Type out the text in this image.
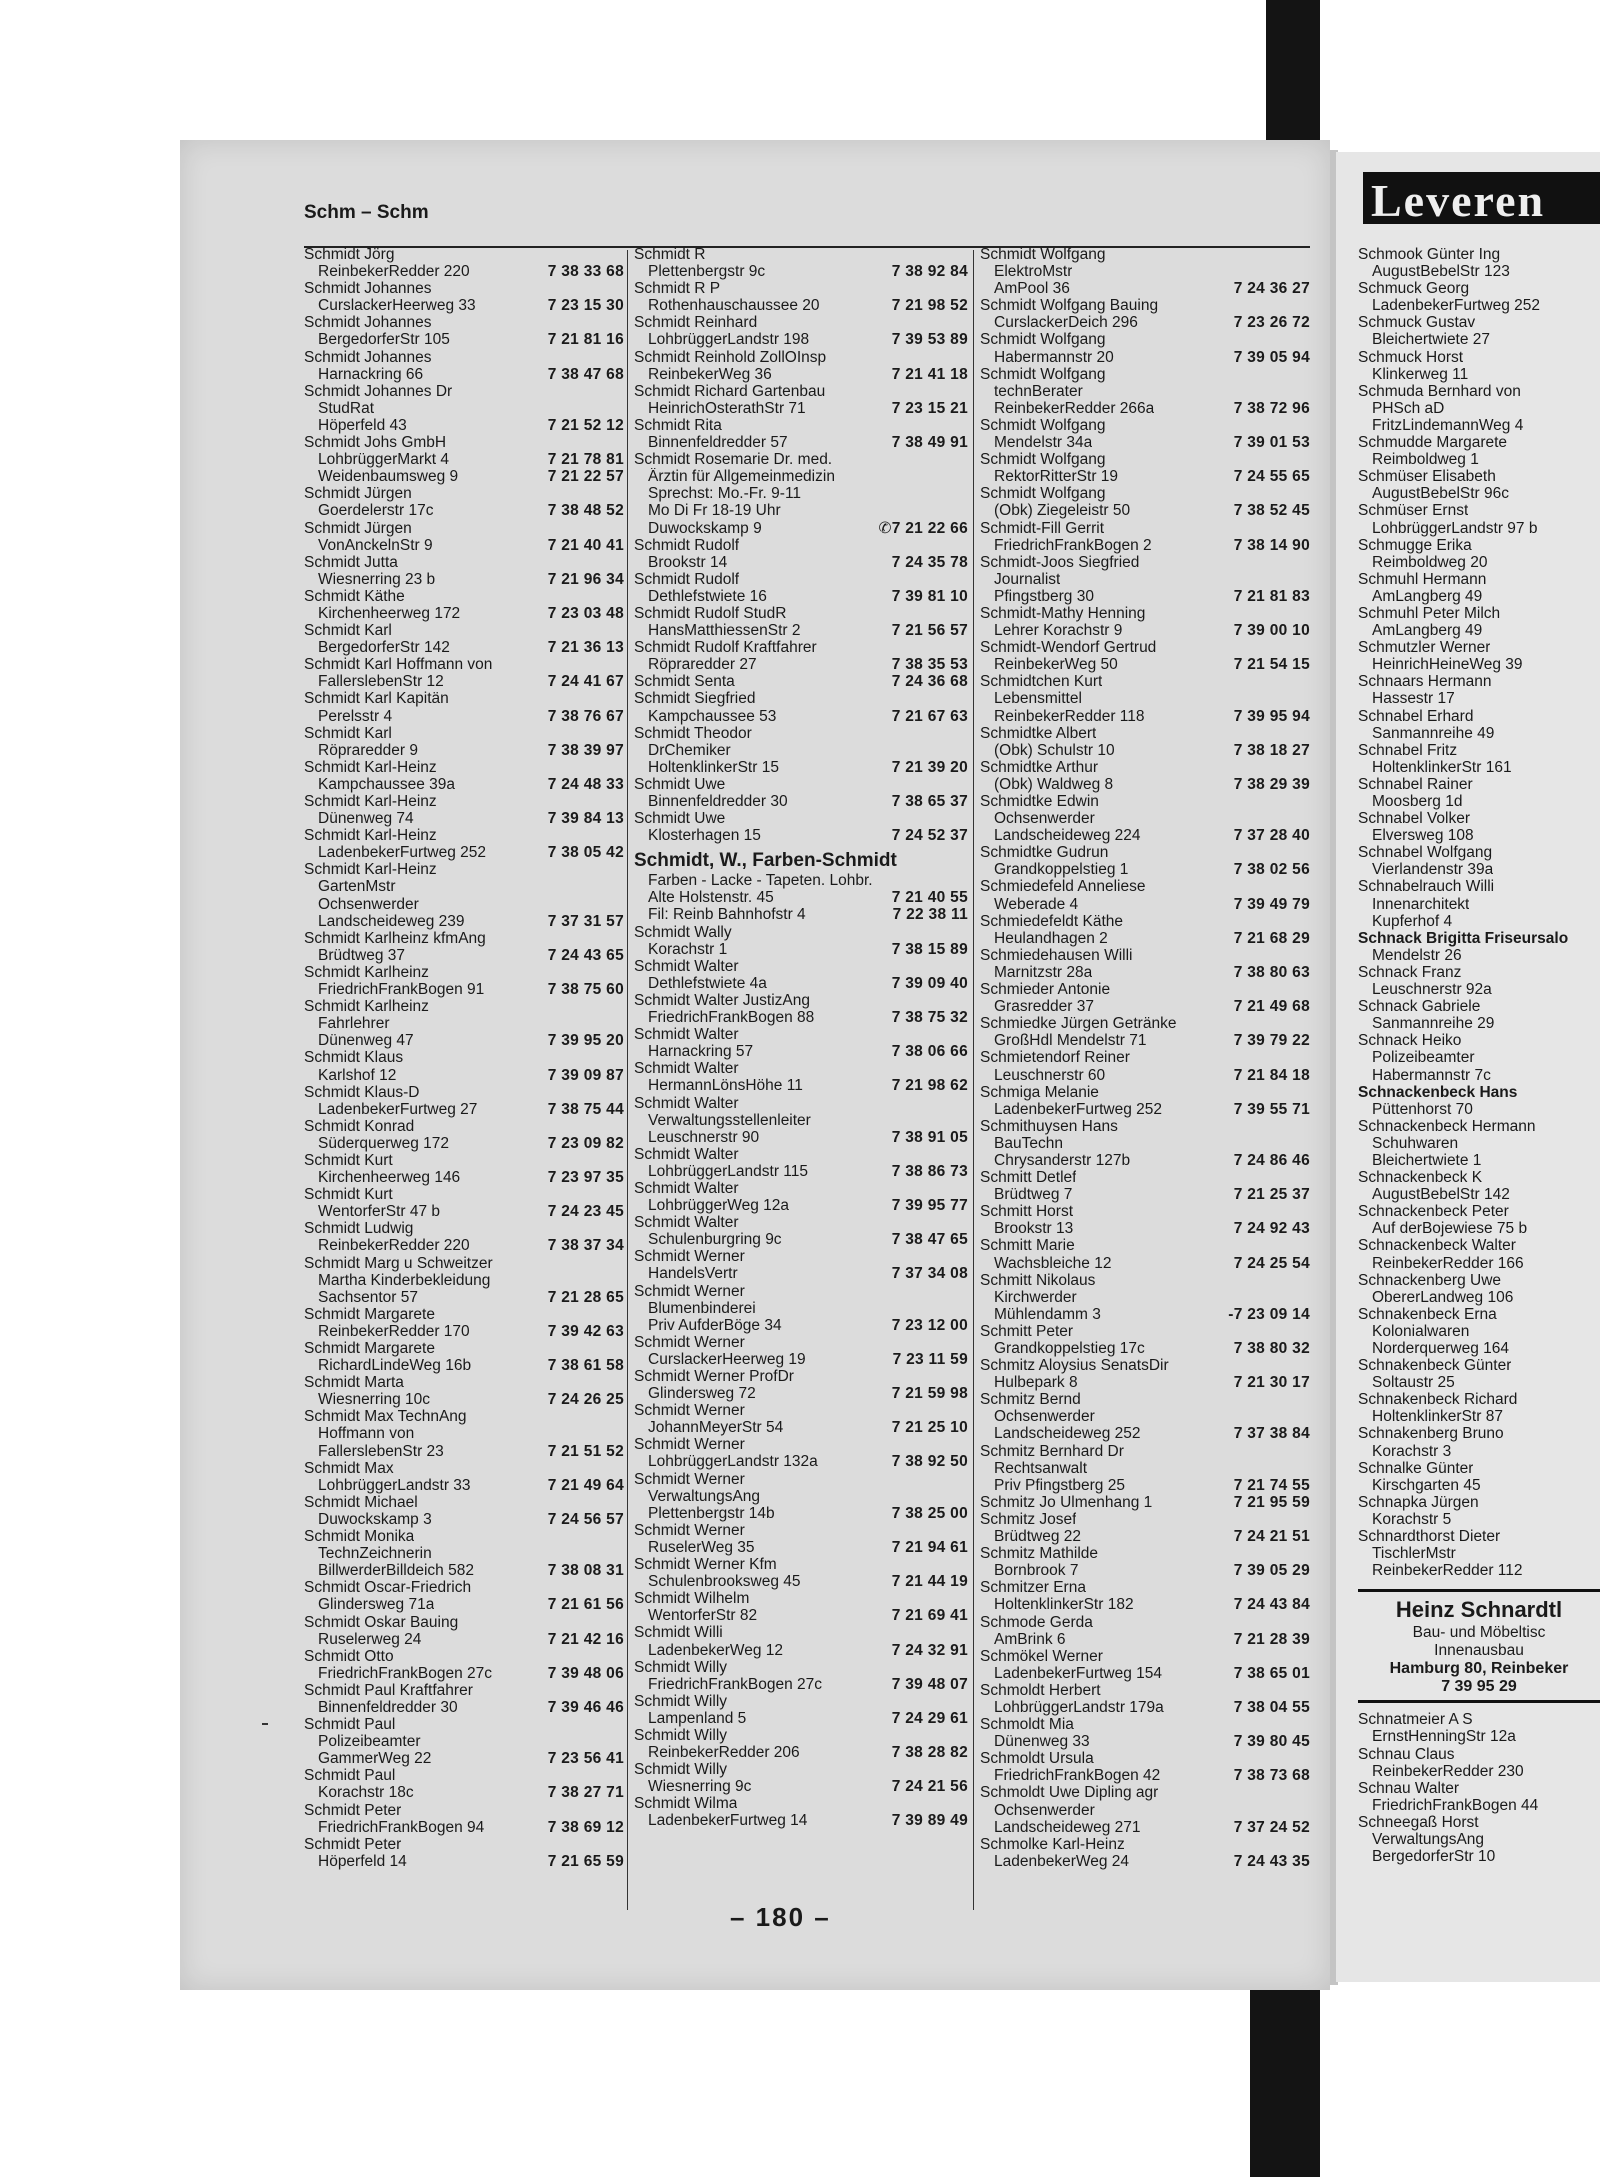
Schm – Schm	Leveren
Schmidt Jörg
ReinbekerRedder 220	7 38 33 68
Schmidt Johannes
CurslackerHeerweg 33	7 23 15 30
Schmidt Johannes
BergedorferStr 105	7 21 81 16
Schmidt Johannes
Harnackring 66	7 38 47 68
Schmidt Johannes Dr
StudRat
Höperfeld 43	7 21 52 12
Schmidt Johs GmbH
LohbrüggerMarkt 4	7 21 78 81
Weidenbaumsweg 9	7 21 22 57
Schmidt Jürgen
Goerdelerstr 17c	7 38 48 52
Schmidt Jürgen
VonAnckelnStr 9	7 21 40 41
Schmidt Jutta
Wiesnerring 23 b	7 21 96 34
Schmidt Käthe
Kirchenheerweg 172	7 23 03 48
Schmidt Karl
BergedorferStr 142	7 21 36 13
Schmidt Karl Hoffmann von
FallerslebenStr 12	7 24 41 67
Schmidt Karl Kapitän
Perelsstr 4	7 38 76 67
Schmidt Karl
Röpraredder 9	7 38 39 97
Schmidt Karl-Heinz
Kampchaussee 39a	7 24 48 33
Schmidt Karl-Heinz
Dünenweg 74	7 39 84 13
Schmidt Karl-Heinz
LadenbekerFurtweg 252	7 38 05 42
Schmidt Karl-Heinz
GartenMstr
Ochsenwerder
Landscheideweg 239	7 37 31 57
Schmidt Karlheinz kfmAng
Brüdtweg 37	7 24 43 65
Schmidt Karlheinz
FriedrichFrankBogen 91	7 38 75 60
Schmidt Karlheinz
Fahrlehrer
Dünenweg 47	7 39 95 20
Schmidt Klaus
Karlshof 12	7 39 09 87
Schmidt Klaus-D
LadenbekerFurtweg 27	7 38 75 44
Schmidt Konrad
Süderquerweg 172	7 23 09 82
Schmidt Kurt
Kirchenheerweg 146	7 23 97 35
Schmidt Kurt
WentorferStr 47 b	7 24 23 45
Schmidt Ludwig
ReinbekerRedder 220	7 38 37 34
Schmidt Marg u Schweitzer
Martha Kinderbekleidung
Sachsentor 57	7 21 28 65
Schmidt Margarete
ReinbekerRedder 170	7 39 42 63
Schmidt Margarete
RichardLindeWeg 16b	7 38 61 58
Schmidt Marta
Wiesnerring 10c	7 24 26 25
Schmidt Max TechnAng
Hoffmann von
FallerslebenStr 23	7 21 51 52
Schmidt Max
LohbrüggerLandstr 33	7 21 49 64
Schmidt Michael
Duwockskamp 3	7 24 56 57
Schmidt Monika
TechnZeichnerin
BillwerderBilldeich 582	7 38 08 31
Schmidt Oscar-Friedrich
Glindersweg 71a	7 21 61 56
Schmidt Oskar Bauing
Ruselerweg 24	7 21 42 16
Schmidt Otto
FriedrichFrankBogen 27c	7 39 48 06
Schmidt Paul Kraftfahrer
Binnenfeldredder 30	7 39 46 46
Schmidt Paul
Polizeibeamter
GammerWeg 22	7 23 56 41
Schmidt Paul
Korachstr 18c	7 38 27 71
Schmidt Peter
FriedrichFrankBogen 94	7 38 69 12
Schmidt Peter
Höperfeld 14	7 21 65 59
Schmidt R
Plettenbergstr 9c	7 38 92 84
Schmidt R P
Rothenhauschaussee 20	7 21 98 52
Schmidt Reinhard
LohbrüggerLandstr 198	7 39 53 89
Schmidt Reinhold ZollOInsp
ReinbekerWeg 36	7 21 41 18
Schmidt Richard Gartenbau
HeinrichOsterathStr 71	7 23 15 21
Schmidt Rita
Binnenfeldredder 57	7 38 49 91
Schmidt Rosemarie Dr. med.
Ärztin für Allgemeinmedizin
Sprechst: Mo.-Fr. 9-11
Mo Di Fr 18-19 Uhr
Duwockskamp 9	✆7 21 22 66
Schmidt Rudolf
Brookstr 14	7 24 35 78
Schmidt Rudolf
Dethlefstwiete 16	7 39 81 10
Schmidt Rudolf StudR
HansMatthiessenStr 2	7 21 56 57
Schmidt Rudolf Kraftfahrer
Röpraredder 27	7 38 35 53
Schmidt Senta	7 24 36 68
Schmidt Siegfried
Kampchaussee 53	7 21 67 63
Schmidt Theodor
DrChemiker
HoltenklinkerStr 15	7 21 39 20
Schmidt Uwe
Binnenfeldredder 30	7 38 65 37
Schmidt Uwe
Klosterhagen 15	7 24 52 37
Schmidt, W., Farben-Schmidt
Farben - Lacke - Tapeten. Lohbr.
Alte Holstenstr. 45	7 21 40 55
Fil: Reinb Bahnhofstr 4	7 22 38 11
Schmidt Wally
Korachstr 1	7 38 15 89
Schmidt Walter
Dethlefstwiete 4a	7 39 09 40
Schmidt Walter JustizAng
FriedrichFrankBogen 88	7 38 75 32
Schmidt Walter
Harnackring 57	7 38 06 66
Schmidt Walter
HermannLönsHöhe 11	7 21 98 62
Schmidt Walter
Verwaltungsstellenleiter
Leuschnerstr 90	7 38 91 05
Schmidt Walter
LohbrüggerLandstr 115	7 38 86 73
Schmidt Walter
LohbrüggerWeg 12a	7 39 95 77
Schmidt Walter
Schulenburgring 9c	7 38 47 65
Schmidt Werner
HandelsVertr	7 37 34 08
Schmidt Werner
Blumenbinderei
Priv AufderBöge 34	7 23 12 00
Schmidt Werner
CurslackerHeerweg 19	7 23 11 59
Schmidt Werner ProfDr
Glindersweg 72	7 21 59 98
Schmidt Werner
JohannMeyerStr 54	7 21 25 10
Schmidt Werner
LohbrüggerLandstr 132a	7 38 92 50
Schmidt Werner
VerwaltungsAng
Plettenbergstr 14b	7 38 25 00
Schmidt Werner
RuselerWeg 35	7 21 94 61
Schmidt Werner Kfm
Schulenbrooksweg 45	7 21 44 19
Schmidt Wilhelm
WentorferStr 82	7 21 69 41
Schmidt Willi
LadenbekerWeg 12	7 24 32 91
Schmidt Willy
FriedrichFrankBogen 27c	7 39 48 07
Schmidt Willy
Lampenland 5	7 24 29 61
Schmidt Willy
ReinbekerRedder 206	7 38 28 82
Schmidt Willy
Wiesnerring 9c	7 24 21 56
Schmidt Wilma
LadenbekerFurtweg 14	7 39 89 49
Schmidt Wolfgang
ElektroMstr
AmPool 36	7 24 36 27
Schmidt Wolfgang Bauing
CurslackerDeich 296	7 23 26 72
Schmidt Wolfgang
Habermannstr 20	7 39 05 94
Schmidt Wolfgang
technBerater
ReinbekerRedder 266a	7 38 72 96
Schmidt Wolfgang
Mendelstr 34a	7 39 01 53
Schmidt Wolfgang
RektorRitterStr 19	7 24 55 65
Schmidt Wolfgang
(Obk) Ziegeleistr 50	7 38 52 45
Schmidt-Fill Gerrit
FriedrichFrankBogen 2	7 38 14 90
Schmidt-Joos Siegfried
Journalist
Pfingstberg 30	7 21 81 83
Schmidt-Mathy Henning
Lehrer Korachstr 9	7 39 00 10
Schmidt-Wendorf Gertrud
ReinbekerWeg 50	7 21 54 15
Schmidtchen Kurt
Lebensmittel
ReinbekerRedder 118	7 39 95 94
Schmidtke Albert
(Obk) Schulstr 10	7 38 18 27
Schmidtke Arthur
(Obk) Waldweg 8	7 38 29 39
Schmidtke Edwin
Ochsenwerder
Landscheideweg 224	7 37 28 40
Schmidtke Gudrun
Grandkoppelstieg 1	7 38 02 56
Schmiedefeld Anneliese
Weberade 4	7 39 49 79
Schmiedefeldt Käthe
Heulandhagen 2	7 21 68 29
Schmiedehausen Willi
Marnitzstr 28a	7 38 80 63
Schmieder Antonie
Grasredder 37	7 21 49 68
Schmiedke Jürgen Getränke
GroßHdl Mendelstr 71	7 39 79 22
Schmietendorf Reiner
Leuschnerstr 60	7 21 84 18
Schmiga Melanie
LadenbekerFurtweg 252	7 39 55 71
Schmithuysen Hans
BauTechn
Chrysanderstr 127b	7 24 86 46
Schmitt Detlef
Brüdtweg 7	7 21 25 37
Schmitt Horst
Brookstr 13	7 24 92 43
Schmitt Marie
Wachsbleiche 12	7 24 25 54
Schmitt Nikolaus
Kirchwerder
Mühlendamm 3	-7 23 09 14
Schmitt Peter
Grandkoppelstieg 17c	7 38 80 32
Schmitz Aloysius SenatsDir
Hulbepark 8	7 21 30 17
Schmitz Bernd
Ochsenwerder
Landscheideweg 252	7 37 38 84
Schmitz Bernhard Dr
Rechtsanwalt
Priv Pfingstberg 25	7 21 74 55
Schmitz Jo Ulmenhang 1	7 21 95 59
Schmitz Josef
Brüdtweg 22	7 24 21 51
Schmitz Mathilde
Bornbrook 7	7 39 05 29
Schmitzer Erna
HoltenklinkerStr 182	7 24 43 84
Schmode Gerda
AmBrink 6	7 21 28 39
Schmökel Werner
LadenbekerFurtweg 154	7 38 65 01
Schmoldt Herbert
LohbrüggerLandstr 179a	7 38 04 55
Schmoldt Mia
Dünenweg 33	7 39 80 45
Schmoldt Ursula
FriedrichFrankBogen 42	7 38 73 68
Schmoldt Uwe Dipling agr
Ochsenwerder
Landscheideweg 271	7 37 24 52
Schmolke Karl-Heinz
LadenbekerWeg 24	7 24 43 35
Schmook Günter Ing
AugustBebelStr 123
Schmuck Georg
LadenbekerFurtweg 252
Schmuck Gustav
Bleichertwiete 27
Schmuck Horst
Klinkerweg 11
Schmuda Bernhard von
PHSch aD
FritzLindemannWeg 4
Schmudde Margarete
Reimboldweg 1
Schmüser Elisabeth
AugustBebelStr 96c
Schmüser Ernst
LohbrüggerLandstr 97 b
Schmugge Erika
Reimboldweg 20
Schmuhl Hermann
AmLangberg 49
Schmuhl Peter Milch
AmLangberg 49
Schmutzler Werner
HeinrichHeineWeg 39
Schnaars Hermann
Hassestr 17
Schnabel Erhard
Sanmannreihe 49
Schnabel Fritz
HoltenklinkerStr 161
Schnabel Rainer
Moosberg 1d
Schnabel Volker
Elversweg 108
Schnabel Wolfgang
Vierlandenstr 39a
Schnabelrauch Willi
Innenarchitekt
Kupferhof 4
Schnack Brigitta Friseursalo
Mendelstr 26
Schnack Franz
Leuschnerstr 92a
Schnack Gabriele
Sanmannreihe 29
Schnack Heiko
Polizeibeamter
Habermannstr 7c
Schnackenbeck Hans
Püttenhorst 70
Schnackenbeck Hermann
Schuhwaren
Bleichertwiete 1
Schnackenbeck K
AugustBebelStr 142
Schnackenbeck Peter
Auf derBojewiese 75 b
Schnackenbeck Walter
ReinbekerRedder 166
Schnackenberg Uwe
ObererLandweg 106
Schnakenbeck Erna
Kolonialwaren
Norderquerweg 164
Schnakenbeck Günter
Soltaustr 25
Schnakenbeck Richard
HoltenklinkerStr 87
Schnakenberg Bruno
Korachstr 3
Schnalke Günter
Kirschgarten 45
Schnapka Jürgen
Korachstr 5
Schnardthorst Dieter
TischlerMstr
ReinbekerRedder 112
Heinz Schnardtl
Bau- und Möbeltisc
Innenausbau
Hamburg 80, Reinbeker
7 39 95 29
Schnatmeier A S
ErnstHenningStr 12a
Schnau Claus
ReinbekerRedder 230
Schnau Walter
FriedrichFrankBogen 44
Schneegaß Horst
VerwaltungsAng
BergedorferStr 10
– 180 –
